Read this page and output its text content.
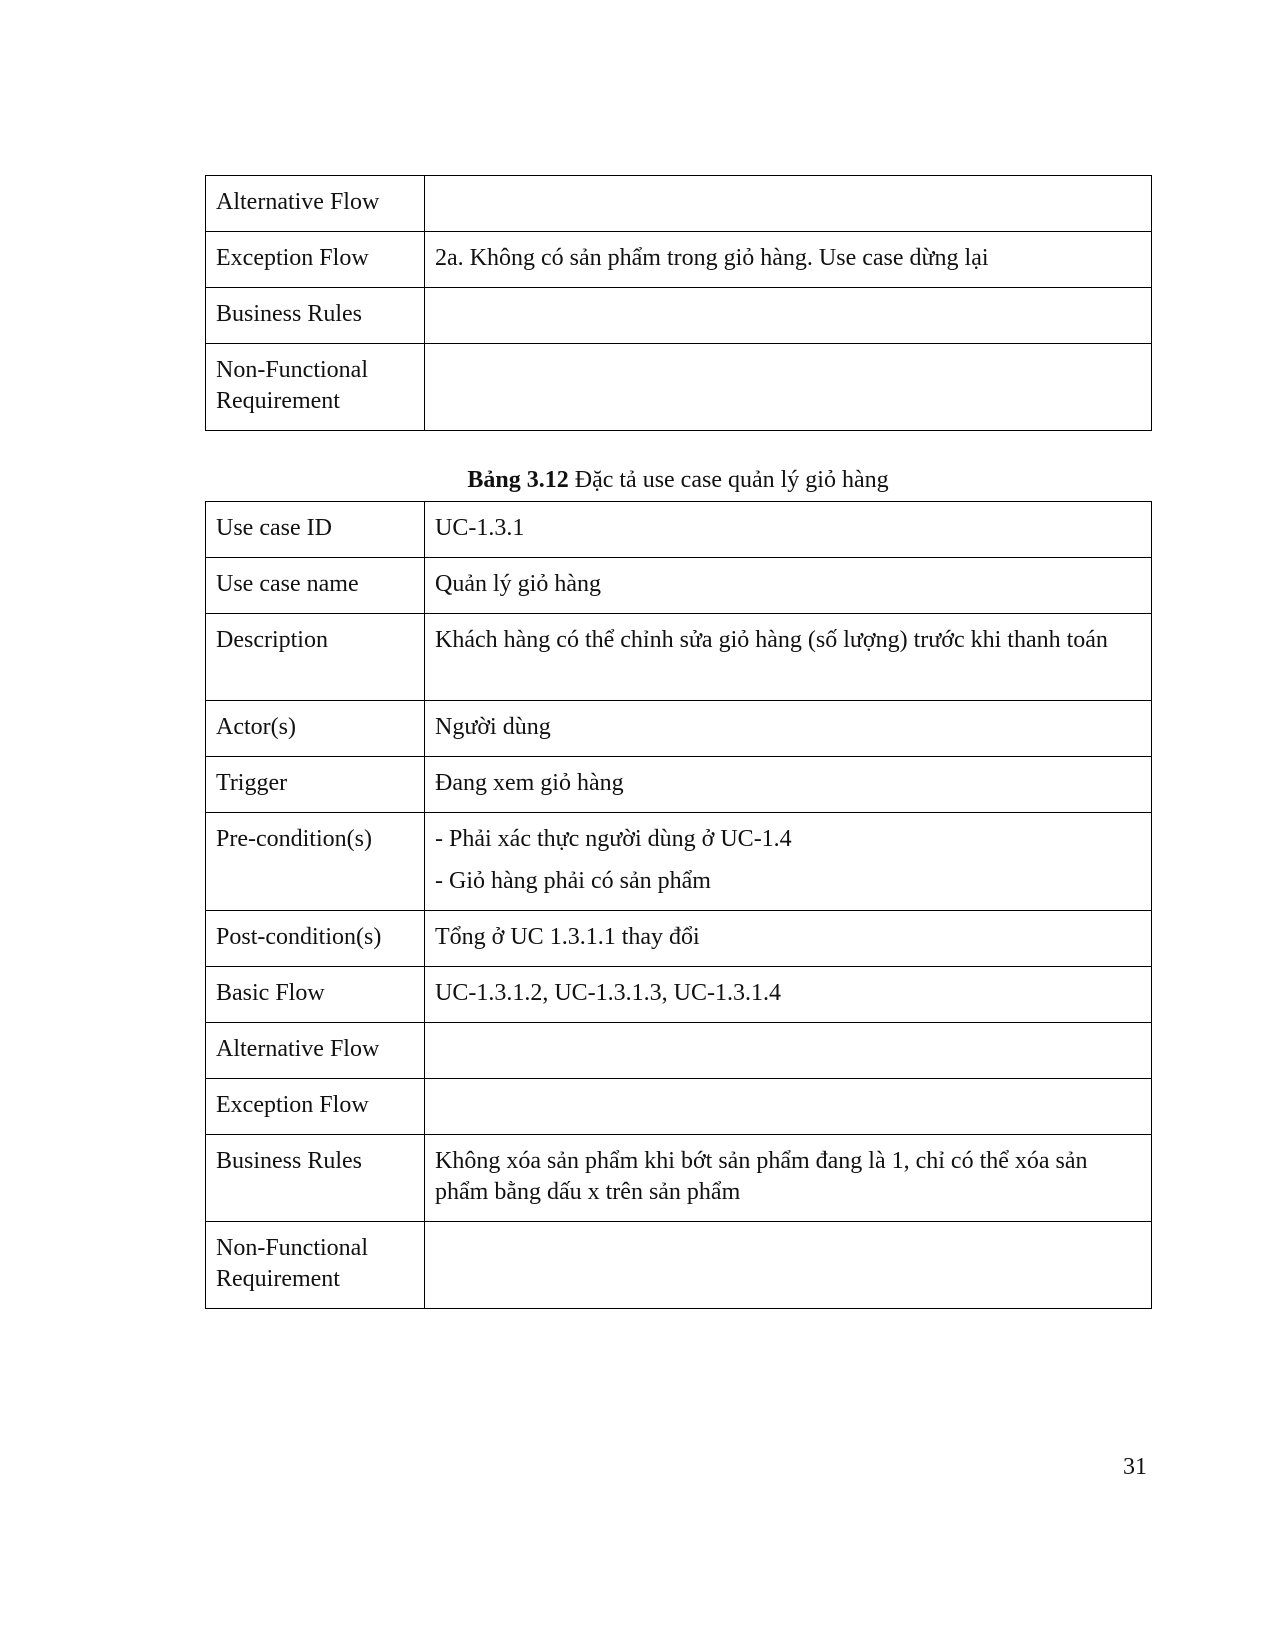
Alternative Flow	
Exception Flow	2a. Không có sản phẩm trong giỏ hàng. Use case dừng lại
Business Rules	
Non-Functional Requirement	
Bảng 3.12 Đặc tả use case quản lý giỏ hàng
Use case ID	UC-1.3.1
Use case name	Quản lý giỏ hàng
Description	Khách hàng có thể chỉnh sửa giỏ hàng (số lượng) trước khi thanh toán
Actor(s)	Người dùng
Trigger	Đang xem giỏ hàng
Pre-condition(s)	- Phải xác thực người dùng ở UC-1.4
- Giỏ hàng phải có sản phẩm

Post-condition(s)	Tổng ở UC 1.3.1.1 thay đổi
Basic Flow	UC-1.3.1.2, UC-1.3.1.3, UC-1.3.1.4
Alternative Flow	
Exception Flow	
Business Rules	Không xóa sản phẩm khi bớt sản phẩm đang là 1, chỉ có thể xóa sản phẩm bằng dấu x trên sản phẩm
Non-Functional Requirement	
31
